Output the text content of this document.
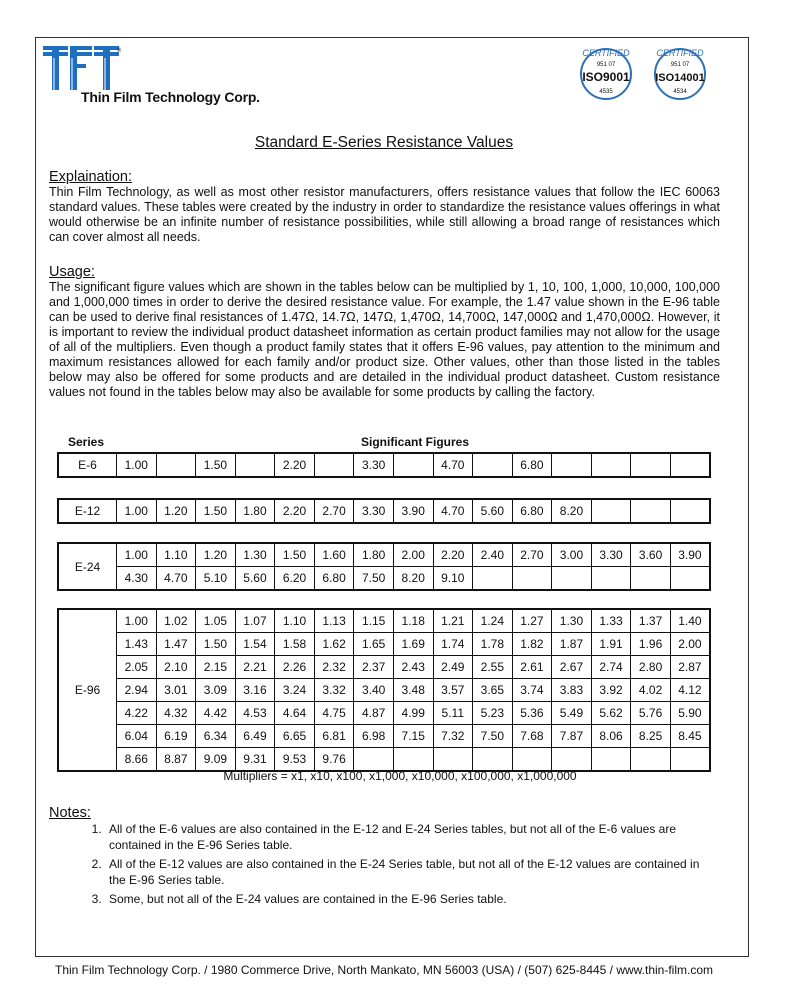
®
Thin Film Technology Corp.
CERTIFIED
951 07
ISO9001
4535
CERTIFIED
951 07
ISO14001
4534
Standard E-Series Resistance Values
Explaination:
Thin Film Technology, as well as most other resistor manufacturers, offers resistance values that follow the IEC 60063 standard values. These tables were created by the industry in order to standardize the resistance values offerings in what would otherwise be an infinite number of resistance possibilities, while still allowing a broad range of resistances which can cover almost all needs.
Usage:
The significant figure values which are shown in the tables below can be multiplied by 1, 10, 100, 1,000, 10,000, 100,000 and 1,000,000 times in order to derive the desired resistance value. For example, the 1.47 value shown in the E-96 table can be used to derive final resistances of 1.47Ω, 14.7Ω, 147Ω, 1,470Ω, 14,700Ω, 147,000Ω and 1,470,000Ω. However, it is important to review the individual product datasheet information as certain product families may not allow for the usage of all of the multipliers. Even though a product family states that it offers E-96 values, pay attention to the minimum and maximum resistances allowed for each family and/or product size. Other values, other than those listed in the tables below may also be offered for some products and are detailed in the individual product datasheet. Custom resistance values not found in the tables below may also be available for some products by calling the factory.
Series	Significant Figures
E-6	1.00		1.50		2.20		3.30		4.70		6.80				
E-12	1.00	1.20	1.50	1.80	2.20	2.70	3.30	3.90	4.70	5.60	6.80	8.20			
E-24	1.00	1.10	1.20	1.30	1.50	1.60	1.80	2.00	2.20	2.40	2.70	3.00	3.30	3.60	3.90
	4.30	4.70	5.10	5.60	6.20	6.80	7.50	8.20	9.10						
E-96	1.00	1.02	1.05	1.07	1.10	1.13	1.15	1.18	1.21	1.24	1.27	1.30	1.33	1.37	1.40
	1.43	1.47	1.50	1.54	1.58	1.62	1.65	1.69	1.74	1.78	1.82	1.87	1.91	1.96	2.00
	2.05	2.10	2.15	2.21	2.26	2.32	2.37	2.43	2.49	2.55	2.61	2.67	2.74	2.80	2.87
	2.94	3.01	3.09	3.16	3.24	3.32	3.40	3.48	3.57	3.65	3.74	3.83	3.92	4.02	4.12
	4.22	4.32	4.42	4.53	4.64	4.75	4.87	4.99	5.11	5.23	5.36	5.49	5.62	5.76	5.90
	6.04	6.19	6.34	6.49	6.65	6.81	6.98	7.15	7.32	7.50	7.68	7.87	8.06	8.25	8.45
	8.66	8.87	9.09	9.31	9.53	9.76									
Multipliers = x1, x10, x100, x1,000, x10,000, x100,000, x1,000,000
Notes:
1. All of the E-6 values are also contained in the E-12 and E-24 Series tables, but not all of the E-6 values are contained in the E-96 Series table.
2. All of the E-12 values are also contained in the E-24 Series table, but not all of the E-12 values are contained in the E-96 Series table.
3. Some, but not all of the E-24 values are contained in the E-96 Series table.
Thin Film Technology Corp. / 1980 Commerce Drive, North Mankato, MN 56003 (USA) / (507) 625-8445 / www.thin-film.com
